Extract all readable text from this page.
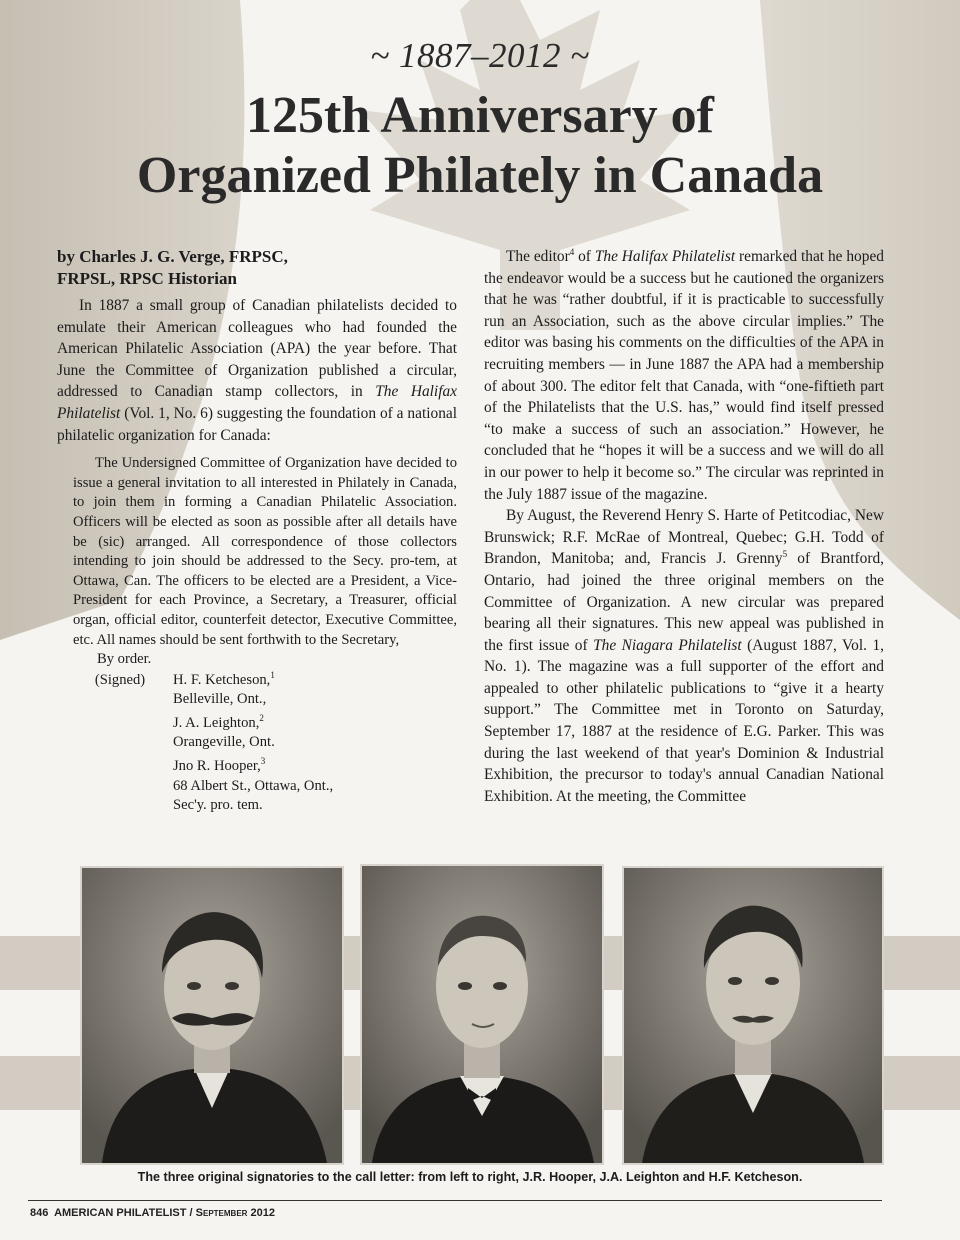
~ 1887–2012 ~
125th Anniversary of
Organized Philately in Canada
by Charles J. G. Verge, FRPSC,
FRPSL, RPSC Historian

In 1887 a small group of Canadian philatelists decided to emulate their American colleagues who had founded the American Philatelic Association (APA) the year before. That June the Committee of Organization published a circular, addressed to Canadian stamp collectors, in The Halifax Philatelist (Vol. 1, No. 6) suggesting the foundation of a national philatelic organization for Canada:

The Undersigned Committee of Organization have decided to issue a general invitation to all interested in Philately in Canada, to join them in forming a Canadian Philatelic Association. Officers will be elected as soon as possible after all details have be (sic) arranged. All correspondence of those collectors intending to join should be addressed to the Secy. pro-tem, at Ottawa, Can. The officers to be elected are a President, a Vice-President for each Province, a Secretary, a Treasurer, official organ, official editor, counterfeit detector, Executive Committee, etc. All names should be sent forthwith to the Secretary,

By order.
(Signed)	H. F. Ketcheson,$^1$
Belleville, Ont.,
J. A. Leighton,$^2$
Orangeville, Ont.
Jno R. Hooper,$^3$
68 Albert St., Ottawa, Ont.,
Sec'y. pro. tem.

The editor$^4$ of The Halifax Philatelist remarked that he hoped the endeavor would be a success but he cautioned the organizers that he was “rather doubtful, if it is practicable to successfully run an Association, such as the above circular implies.” The editor was basing his comments on the difficulties of the APA in recruiting members — in June 1887 the APA had a membership of about 300. The editor felt that Canada, with “one-fiftieth part of the Philatelists that the U.S. has,” would find itself pressed “to make a success of such an association.” However, he concluded that he “hopes it will be a success and we will do all in our power to help it become so.” The circular was reprinted in the July 1887 issue of the magazine.

By August, the Reverend Henry S. Harte of Petitcodiac, New Brunswick; R.F. McRae of Montreal, Quebec; G.H. Todd of Brandon, Manitoba; and, Francis J. Grenny$^5$ of Brantford, Ontario, had joined the three original members on the Committee of Organization. A new circular was prepared bearing all their signatures. This new appeal was published in the first issue of The Niagara Philatelist (August 1887, Vol. 1, No. 1). The magazine was a full supporter of the effort and appealed to other philatelic publications to “give it a hearty support.” The Committee met in Toronto on Saturday, September 17, 1887 at the residence of E.G. Parker. This was during the last weekend of that year's Dominion & Industrial Exhibition, the precursor to today's annual Canadian National Exhibition. At the meeting, the Committee

The three original signatories to the call letter: from left to right, J.R. Hooper, J.A. Leighton and H.F. Ketcheson.
846 AMERICAN PHILATELIST / September 2012
